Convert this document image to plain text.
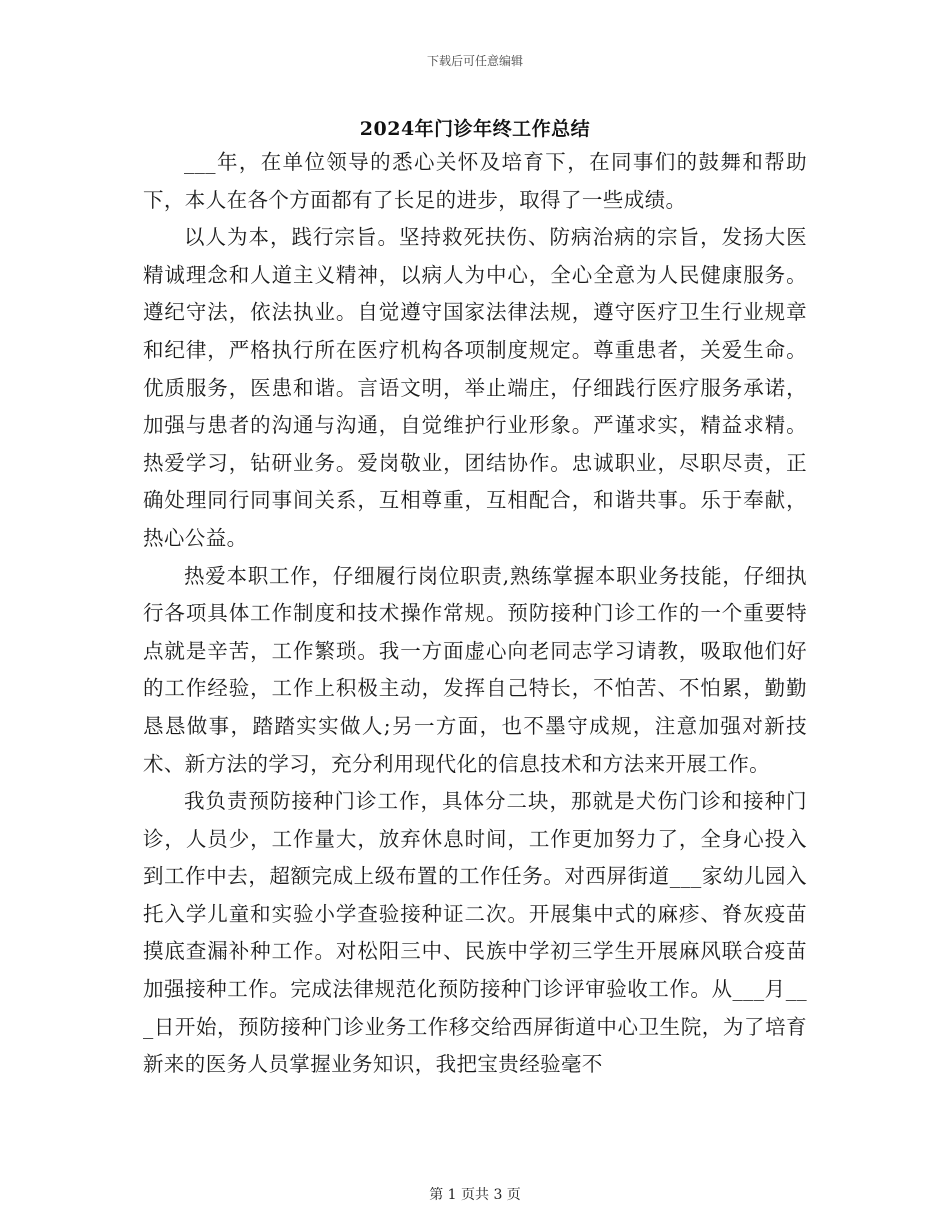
下载后可任意编辑
2024年门诊年终工作总结

___年，在单位领导的悉心关怀及培育下，在同事们的鼓舞和帮助下，本人在各个方面都有了长足的进步，取得了一些成绩。

以人为本，践行宗旨。坚持救死扶伤、防病治病的宗旨，发扬大医精诚理念和人道主义精神，以病人为中心，全心全意为人民健康服务。遵纪守法，依法执业。自觉遵守国家法律法规，遵守医疗卫生行业规章和纪律，严格执行所在医疗机构各项制度规定。尊重患者，关爱生命。优质服务，医患和谐。言语文明，举止端庄，仔细践行医疗服务承诺，加强与患者的沟通与沟通，自觉维护行业形象。严谨求实，精益求精。热爱学习，钻研业务。爱岗敬业，团结协作。忠诚职业，尽职尽责，正确处理同行同事间关系，互相尊重，互相配合，和谐共事。乐于奉献，热心公益。

热爱本职工作，仔细履行岗位职责,熟练掌握本职业务技能，仔细执行各项具体工作制度和技术操作常规。预防接种门诊工作的一个重要特点就是辛苦，工作繁琐。我一方面虚心向老同志学习请教，吸取他们好的工作经验，工作上积极主动，发挥自己特长，不怕苦、不怕累，勤勤恳恳做事，踏踏实实做人;另一方面，也不墨守成规，注意加强对新技术、新方法的学习，充分利用现代化的信息技术和方法来开展工作。

我负责预防接种门诊工作，具体分二块，那就是犬伤门诊和接种门诊，人员少，工作量大，放弃休息时间，工作更加努力了，全身心投入到工作中去，超额完成上级布置的工作任务。对西屏街道___家幼儿园入托入学儿童和实验小学查验接种证二次。开展集中式的麻疹、脊灰疫苗摸底查漏补种工作。对松阳三中、民族中学初三学生开展麻风联合疫苗加强接种工作。完成法律规范化预防接种门诊评审验收工作。从___月___日开始，预防接种门诊业务工作移交给西屏街道中心卫生院，为了培育新来的医务人员掌握业务知识，我把宝贵经验毫不

第 1 页共 3 页
